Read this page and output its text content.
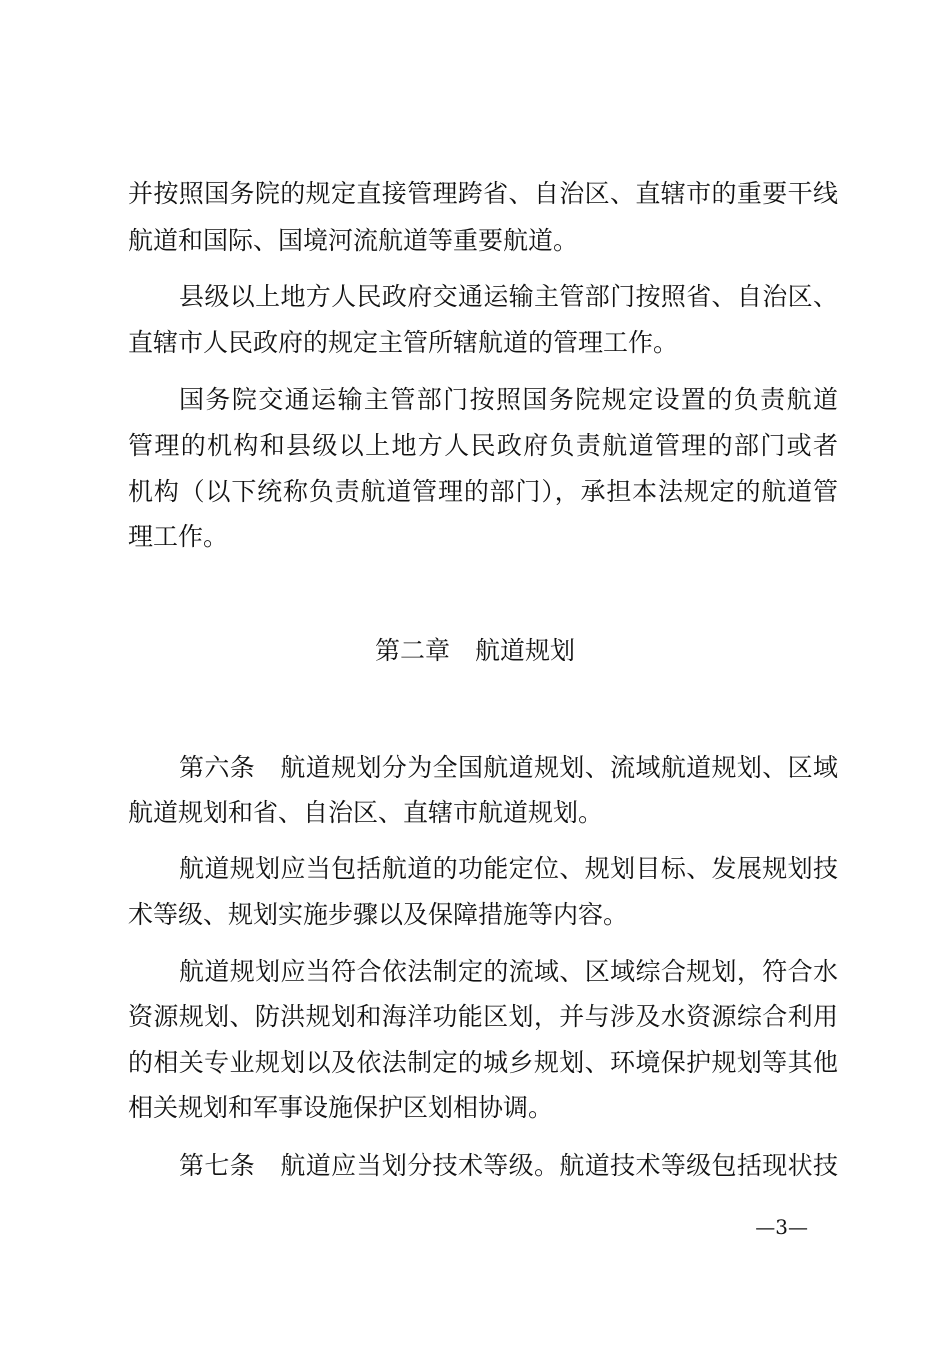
并按照国务院的规定直接管理跨省、自治区、直辖市的重要干线
航道和国际、国境河流航道等重要航道。
县级以上地方人民政府交通运输主管部门按照省、自治区、
直辖市人民政府的规定主管所辖航道的管理工作。
国务院交通运输主管部门按照国务院规定设置的负责航道
管理的机构和县级以上地方人民政府负责航道管理的部门或者
机构（以下统称负责航道管理的部门），承担本法规定的航道管
理工作。
第二章 航道规划
第六条 航道规划分为全国航道规划、流域航道规划、区域
航道规划和省、自治区、直辖市航道规划。
航道规划应当包括航道的功能定位、规划目标、发展规划技
术等级、规划实施步骤以及保障措施等内容。
航道规划应当符合依法制定的流域、区域综合规划，符合水
资源规划、防洪规划和海洋功能区划，并与涉及水资源综合利用
的相关专业规划以及依法制定的城乡规划、环境保护规划等其他
相关规划和军事设施保护区划相协调。
第七条 航道应当划分技术等级。航道技术等级包括现状技
—3—
